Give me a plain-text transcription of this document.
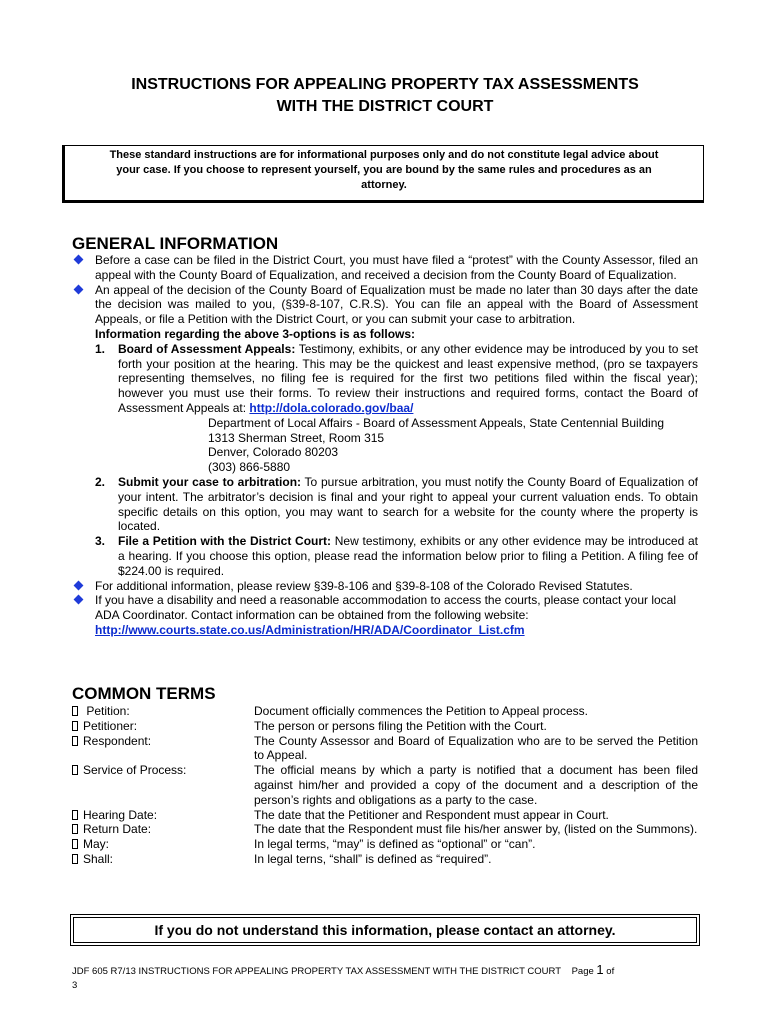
INSTRUCTIONS FOR APPEALING PROPERTY TAX ASSESSMENTS
WITH THE DISTRICT COURT
These standard instructions are for informational purposes only and do not constitute legal advice about
your case. If you choose to represent yourself, you are bound by the same rules and procedures as an
attorney.
GENERAL INFORMATION
Before a case can be filed in the District Court, you must have filed a “protest” with the County Assessor, filed an appeal with the County Board of Equalization, and received a decision from the County Board of Equalization.
An appeal of the decision of the County Board of Equalization must be made no later than 30 days after the date the decision was mailed to you, (§39-8-107, C.R.S). You can file an appeal with the Board of Assessment Appeals, or file a Petition with the District Court, or you can submit your case to arbitration.
Information regarding the above 3-options is as follows:
1. Board of Assessment Appeals: Testimony, exhibits, or any other evidence may be introduced by you to set forth your position at the hearing. This may be the quickest and least expensive method, (pro se taxpayers representing themselves, no filing fee is required for the first two petitions filed within the fiscal year); however you must use their forms. To review their instructions and required forms, contact the Board of Assessment Appeals at: http://dola.colorado.gov/baa/
Department of Local Affairs - Board of Assessment Appeals, State Centennial Building
1313 Sherman Street, Room 315
Denver, Colorado 80203
(303) 866-5880
2. Submit your case to arbitration: To pursue arbitration, you must notify the County Board of Equalization of your intent. The arbitrator’s decision is final and your right to appeal your current valuation ends. To obtain specific details on this option, you may want to search for a website for the county where the property is located.
3. File a Petition with the District Court: New testimony, exhibits or any other evidence may be introduced at a hearing. If you choose this option, please read the information below prior to filing a Petition. A filing fee of $224.00 is required.
For additional information, please review §39-8-106 and §39-8-108 of the Colorado Revised Statutes.
If you have a disability and need a reasonable accommodation to access the courts, please contact your local ADA Coordinator. Contact information can be obtained from the following website:
http://www.courts.state.co.us/Administration/HR/ADA/Coordinator_List.cfm
COMMON TERMS
Petition:	Document officially commences the Petition to Appeal process.
Petitioner:	The person or persons filing the Petition with the Court.
Respondent:	The County Assessor and Board of Equalization who are to be served the Petition to Appeal.
Service of Process:	The official means by which a party is notified that a document has been filed against him/her and provided a copy of the document and a description of the person’s rights and obligations as a party to the case.
Hearing Date:	The date that the Petitioner and Respondent must appear in Court.
Return Date:	The date that the Respondent must file his/her answer by, (listed on the Summons).
May:	In legal terms, “may” is defined as “optional” or “can”.
Shall:	In legal terns, “shall” is defined as “required”.
If you do not understand this information, please contact an attorney.
JDF 605 R7/13 INSTRUCTIONS FOR APPEALING PROPERTY TAX ASSESSMENT WITH THE DISTRICT COURT Page 1 of
3
